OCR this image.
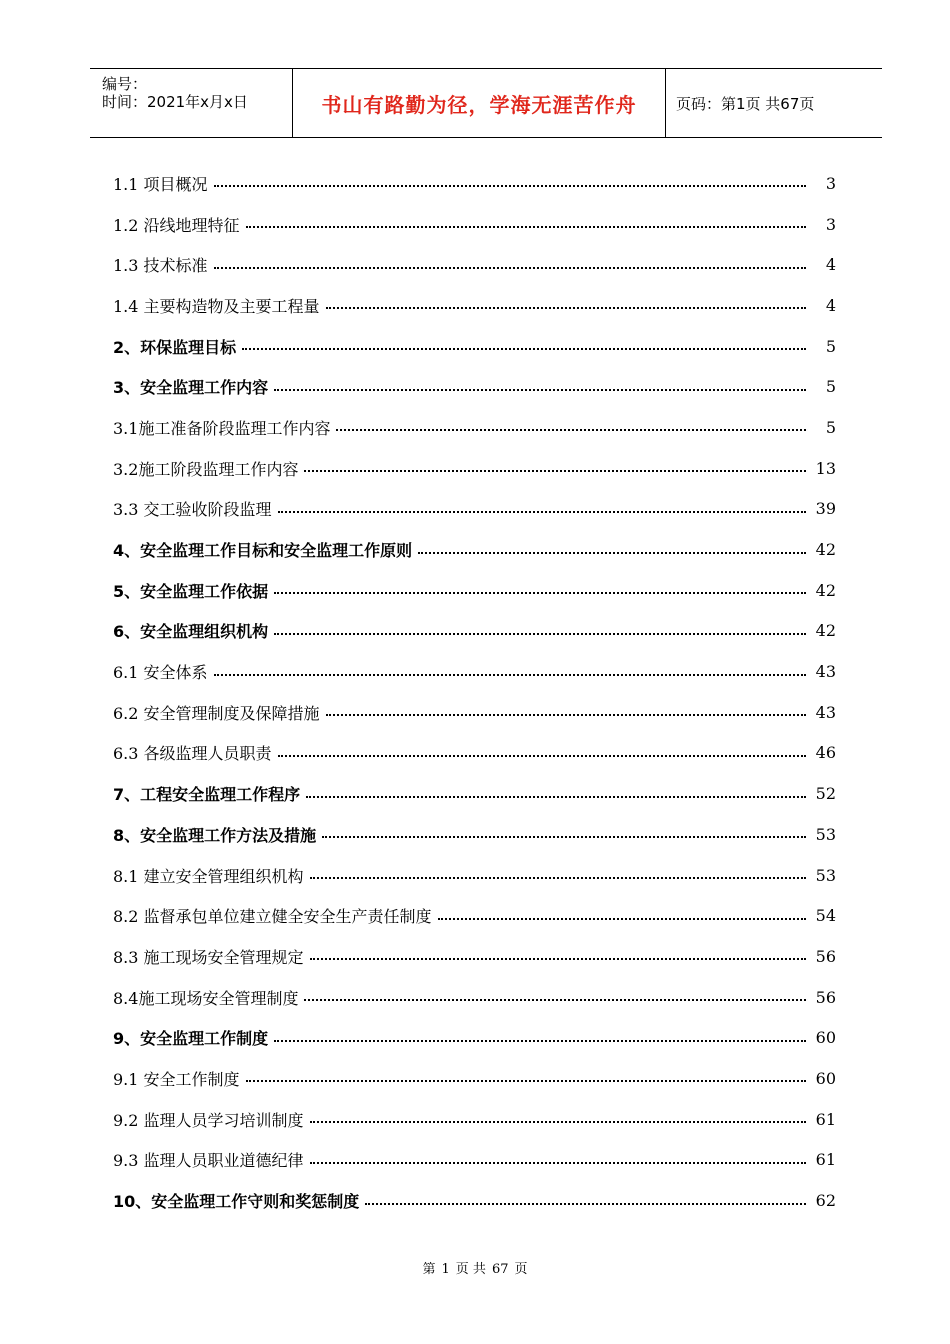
编号：
时间：2021年x月x日	书山有路勤为径，学海无涯苦作舟	页码：第1页 共67页
1.1 项目概况	3
1.2 沿线地理特征	3
1.3 技术标准	4
1.4 主要构造物及主要工程量	4
2、环保监理目标	5
3、安全监理工作内容	5
3.1施工准备阶段监理工作内容	5
3.2施工阶段监理工作内容	13
3.3 交工验收阶段监理	39
4、安全监理工作目标和安全监理工作原则	42
5、安全监理工作依据	42
6、安全监理组织机构	42
6.1 安全体系	43
6.2 安全管理制度及保障措施	43
6.3 各级监理人员职责	46
7、工程安全监理工作程序	52
8、安全监理工作方法及措施	53
8.1 建立安全管理组织机构	53
8.2 监督承包单位建立健全安全生产责任制度	54
8.3 施工现场安全管理规定	56
8.4施工现场安全管理制度	56
9、安全监理工作制度	60
9.1 安全工作制度	60
9.2 监理人员学习培训制度	61
9.3 监理人员职业道德纪律	61
10、安全监理工作守则和奖惩制度	62
第 1 页 共 67 页
